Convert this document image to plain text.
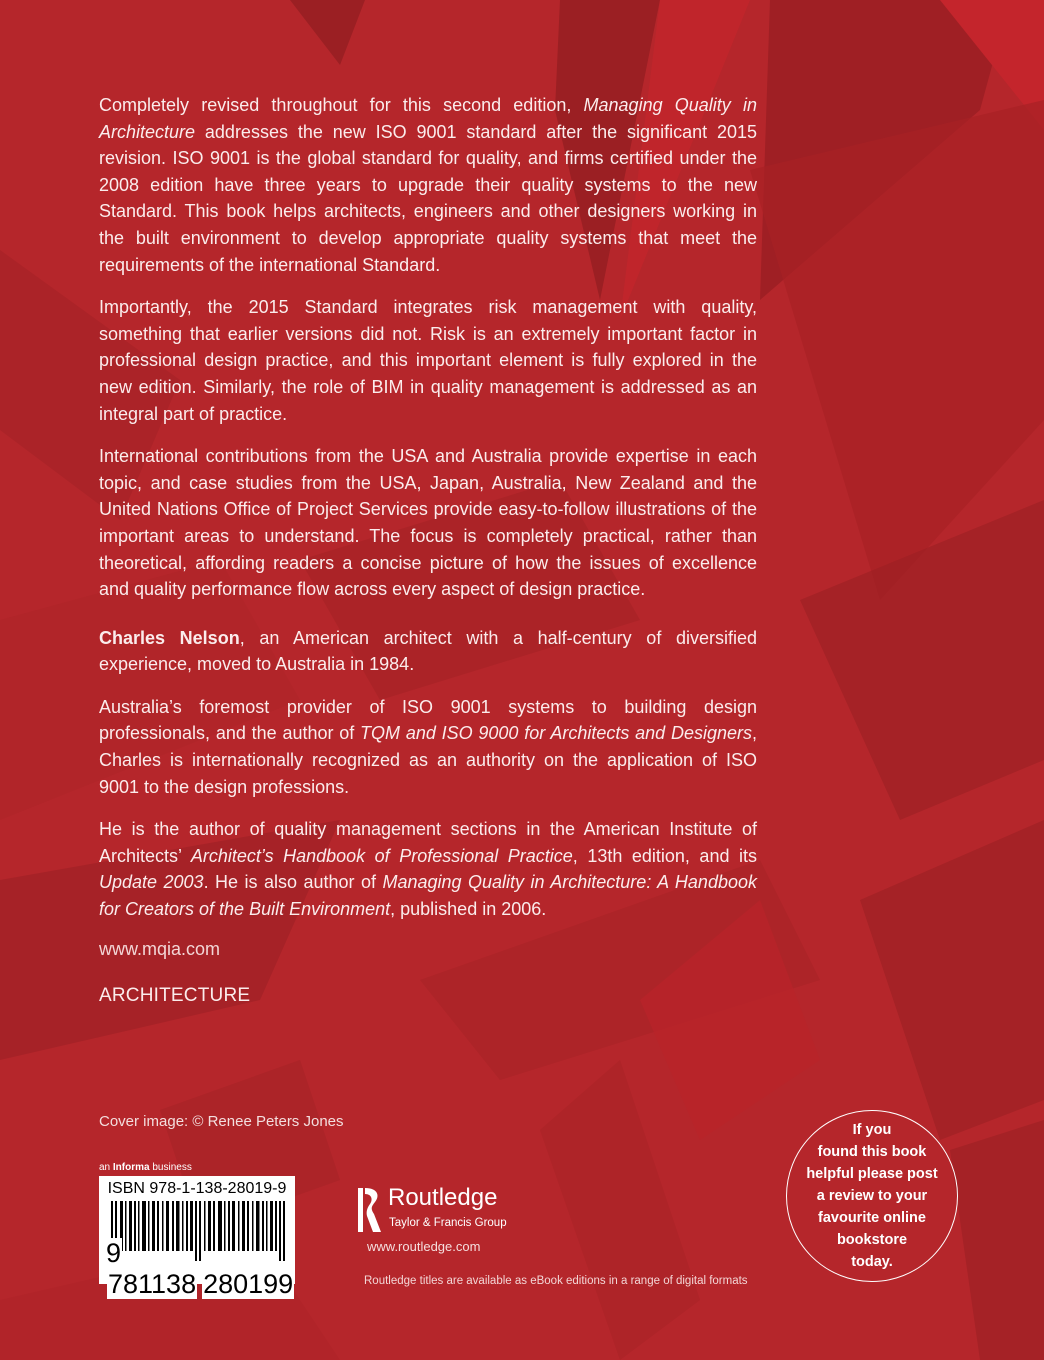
Completely revised throughout for this second edition, Managing Quality in Architecture addresses the new ISO 9001 standard after the significant 2015 revision. ISO 9001 is the global standard for quality, and firms certified under the 2008 edition have three years to upgrade their quality systems to the new Standard. This book helps architects, engineers and other designers working in the built environment to develop appropriate quality systems that meet the requirements of the international Standard.

Importantly, the 2015 Standard integrates risk management with quality, something that earlier versions did not. Risk is an extremely important factor in professional design practice, and this important element is fully explored in the new edition. Similarly, the role of BIM in quality management is addressed as an integral part of practice.

International contributions from the USA and Australia provide expertise in each topic, and case studies from the USA, Japan, Australia, New Zealand and the United Nations Office of Project Services provide easy-to-follow illustrations of the important areas to understand. The focus is completely practical, rather than theoretical, affording readers a concise picture of how the issues of excellence and quality performance flow across every aspect of design practice.

Charles Nelson, an American architect with a half-century of diversified experience, moved to Australia in 1984.

Australia’s foremost provider of ISO 9001 systems to building design professionals, and the author of TQM and ISO 9000 for Architects and Designers, Charles is internationally recognized as an authority on the application of ISO 9001 to the design professions.

He is the author of quality management sections in the American Institute of Architects’ Architect’s Handbook of Professional Practice, 13th edition, and its Update 2003. He is also author of Managing Quality in Architecture: A Handbook for Creators of the Built Environment, published in 2006.

www.mqia.com
ARCHITECTURE
Cover image: © Renee Peters Jones
an Informa business
ISBN 978-1-138-28019-9
9 781138 280199
Routledge
Taylor & Francis Group
www.routledge.com
Routledge titles are available as eBook editions in a range of digital formats
If you
found this book
helpful please post
a review to your
favourite online
bookstore
today.
